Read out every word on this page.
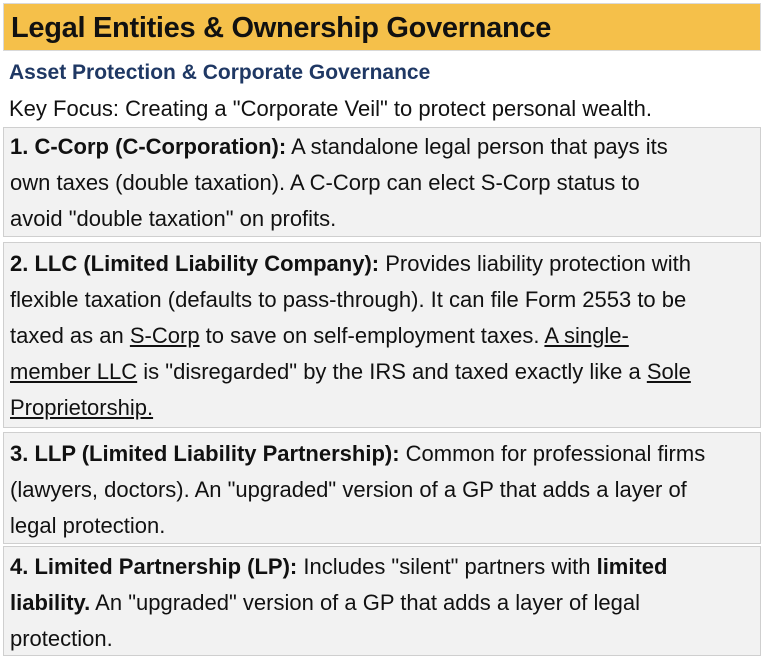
Legal Entities & Ownership Governance
Asset Protection & Corporate Governance
Key Focus: Creating a "Corporate Veil" to protect personal wealth.
1. C-Corp (C-Corporation): A standalone legal person that pays its
own taxes (double taxation). A C-Corp can elect S-Corp status to
avoid "double taxation" on profits.
2. LLC (Limited Liability Company): Provides liability protection with
flexible taxation (defaults to pass-through). It can file Form 2553 to be
taxed as an S-Corp to save on self-employment taxes. A single-
member LLC is "disregarded" by the IRS and taxed exactly like a Sole
Proprietorship.
3. LLP (Limited Liability Partnership): Common for professional firms
(lawyers, doctors). An "upgraded" version of a GP that adds a layer of
legal protection.
4. Limited Partnership (LP): Includes "silent" partners with limited
liability. An "upgraded" version of a GP that adds a layer of legal
protection.
